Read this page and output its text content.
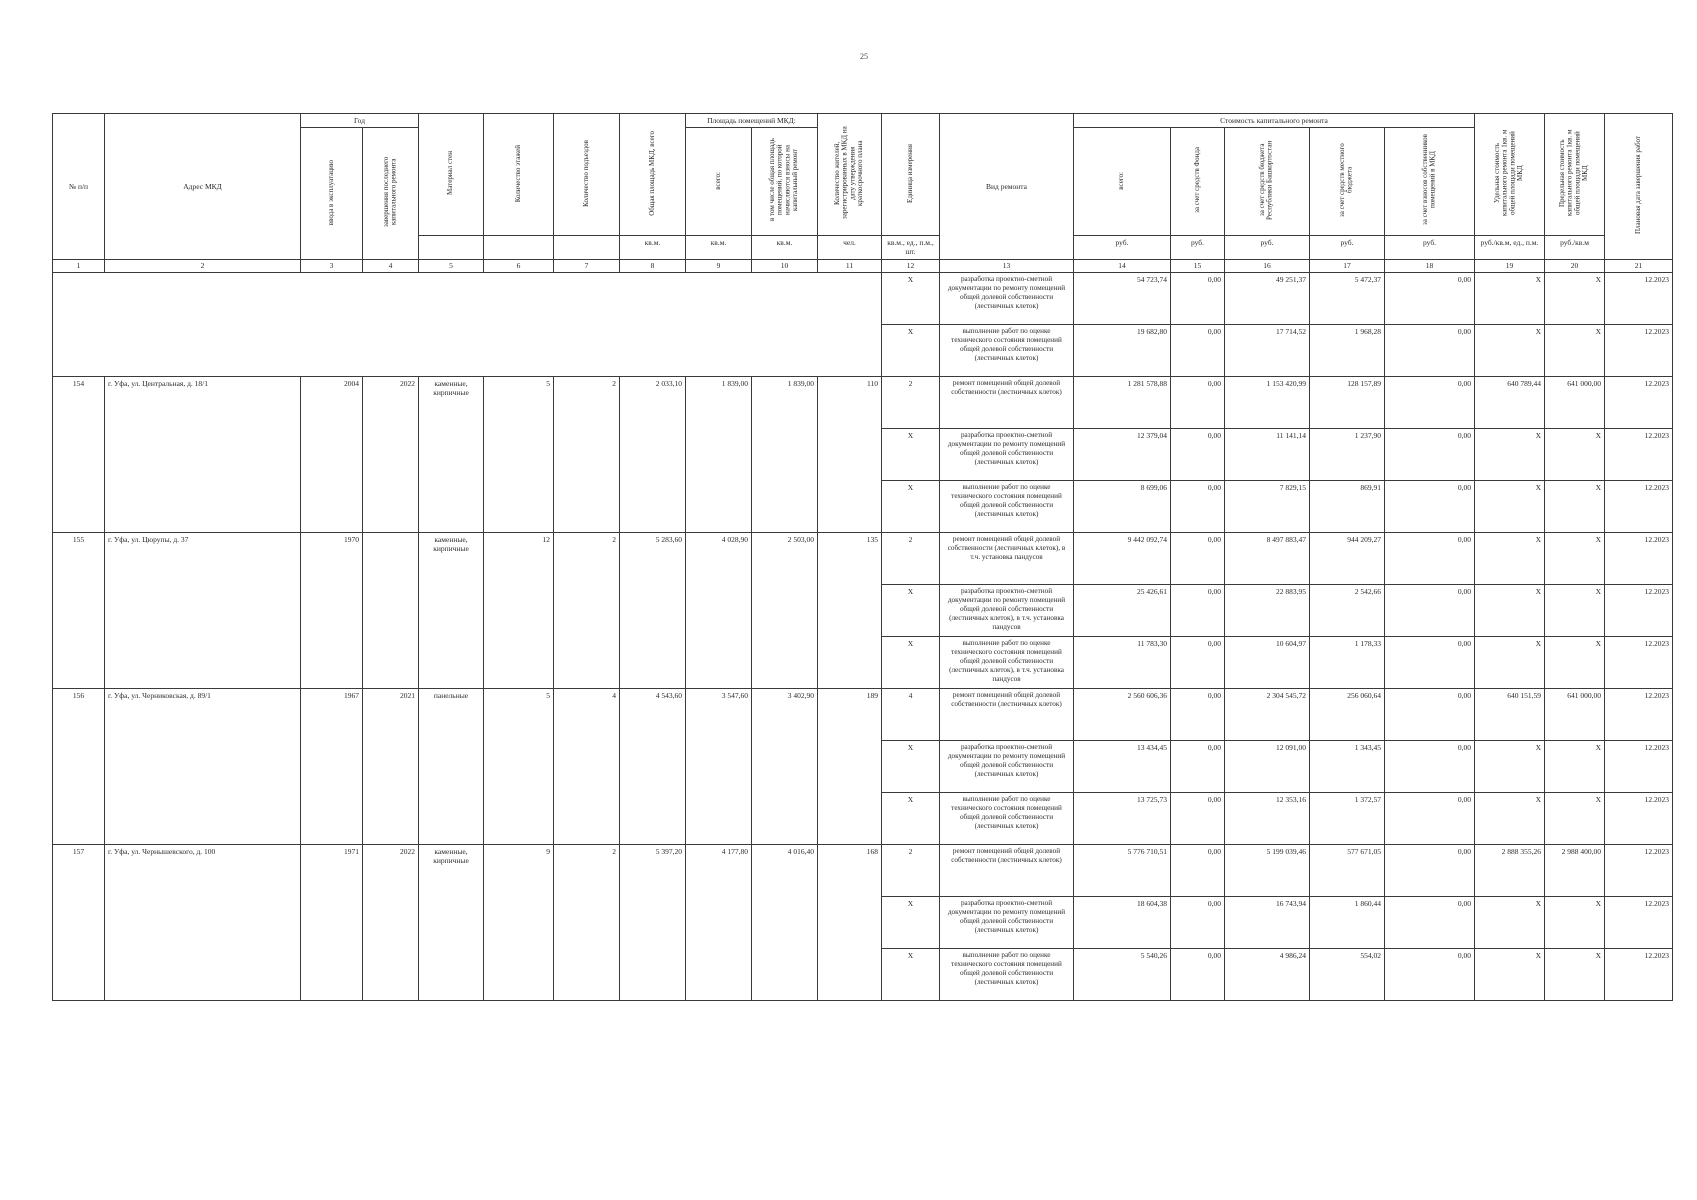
25
№ п/п	Адрес МКД	Год		Материал стен	Количество этажей	Количество подъездов	Общая площадь МКД, всего	Площадь помещений МКД:		Количество жителей, зарегистрированных в МКД на дату утверждения краткосрочного плана	Единица измерения	Вид ремонта	Стоимость капитального ремонта					Удельная стоимость капитального ремонта 1кв. м общей площади помещений МКД	Предельная стоимость капитального ремонта 1кв. м общей площади помещений МКД	Плановая дата завершения работ
		ввода в эксплуатацию	завершения последнего капитального ремонта					всего:	в том числе общая площадь помещений, по которой начисляются взносы на капитальный ремонт				всего:	за счет средств Фонда	за счет средств бюджета Республики Башкортостан	за счет средств местного бюджета	за счет взносов собственников помещений в МКД			
							кв.м.	кв.м.	кв.м.	чел.	кв.м., ед., п.м., шт.		руб.	руб.	руб.	руб.	руб.	руб./кв.м, ед., п.м.	руб./кв.м	
1	2	3	4	5	6	7	8	9	10	11	12	13	14	15	16	17	18	19	20	21
											X	разработка проектно-сметной документации по ремонту помещений общей долевой собственности (лестничных клеток)	54 723,74	0,00	49 251,37	5 472,37	0,00	X	X	12.2023
											X	выполнение работ по оценке технического состояния помещений общей долевой собственности (лестничных клеток)	19 682,80	0,00	17 714,52	1 968,28	0,00	X	X	12.2023
154	г. Уфа, ул. Центральная, д. 18/1	2004	2022	каменные, кирпичные	5	2	2 033,10	1 839,00	1 839,00	110	2	ремонт помещений общей долевой собственности (лестничных клеток)	1 281 578,88	0,00	1 153 420,99	128 157,89	0,00	640 789,44	641 000,00	12.2023
											X	разработка проектно-сметной документации по ремонту помещений общей долевой собственности (лестничных клеток)	12 379,04	0,00	11 141,14	1 237,90	0,00	X	X	12.2023
											X	выполнение работ по оценке технического состояния помещений общей долевой собственности (лестничных клеток)	8 699,06	0,00	7 829,15	869,91	0,00	X	X	12.2023
155	г. Уфа, ул. Цюрупы, д. 37	1970		каменные, кирпичные	12	2	5 283,60	4 028,90	2 503,00	135	2	ремонт помещений общей долевой собственности (лестничных клеток), в т.ч. установка пандусов	9 442 092,74	0,00	8 497 883,47	944 209,27	0,00	X	X	12.2023
											X	разработка проектно-сметной документации по ремонту помещений общей долевой собственности (лестничных клеток), в т.ч. установка пандусов	25 426,61	0,00	22 883,95	2 542,66	0,00	X	X	12.2023
											X	выполнение работ по оценке технического состояния помещений общей долевой собственности (лестничных клеток), в т.ч. установка пандусов	11 783,30	0,00	10 604,97	1 178,33	0,00	X	X	12.2023
156	г. Уфа, ул. Черниковская, д. 89/1	1967	2021	панельные	5	4	4 543,60	3 547,60	3 402,90	189	4	ремонт помещений общей долевой собственности (лестничных клеток)	2 560 606,36	0,00	2 304 545,72	256 060,64	0,00	640 151,59	641 000,00	12.2023
											X	разработка проектно-сметной документации по ремонту помещений общей долевой собственности (лестничных клеток)	13 434,45	0,00	12 091,00	1 343,45	0,00	X	X	12.2023
											X	выполнение работ по оценке технического состояния помещений общей долевой собственности (лестничных клеток)	13 725,73	0,00	12 353,16	1 372,57	0,00	X	X	12.2023
157	г. Уфа, ул. Чернышевского, д. 100	1971	2022	каменные, кирпичные	9	2	5 397,20	4 177,80	4 016,40	168	2	ремонт помещений общей долевой собственности (лестничных клеток)	5 776 710,51	0,00	5 199 039,46	577 671,05	0,00	2 888 355,26	2 988 400,00	12.2023
											X	разработка проектно-сметной документации по ремонту помещений общей долевой собственности (лестничных клеток)	18 604,38	0,00	16 743,94	1 860,44	0,00	X	X	12.2023
											X	выполнение работ по оценке технического состояния помещений общей долевой собственности (лестничных клеток)	5 540,26	0,00	4 986,24	554,02	0,00	X	X	12.2023
